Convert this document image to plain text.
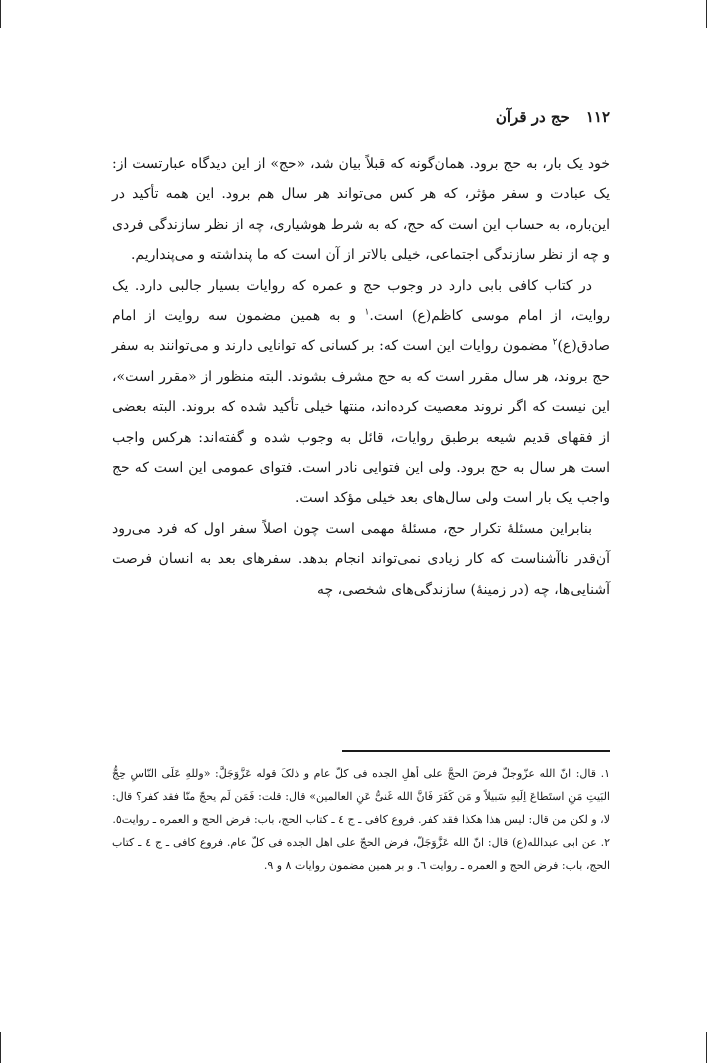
۱۱۲
حج در قرآن

خود یک بار، به حج برود. همان‌گونه که قبلاً بیان شد، «حج» از این دیدگاه عبارتست از: یک عبادت و سفر مؤثر، که هر کس می‌تواند هر سال هم برود. این همه تأکید در این‌باره، به حساب این است که حج، که به شرط هوشیاری، چه از نظر سازندگی فردی و چه از نظر سازندگی اجتماعی، خیلی بالاتر از آن است که ما پنداشته و می‌پنداریم.

در کتاب کافی بابی دارد در وجوب حج و عمره که روایات بسیار جالبی دارد. یک روایت، از امام موسی کاظم(ع) است.$^۱$ و به همین مضمون سه روایت از امام صادق(ع)$^۲$ مضمون روایات این است که: بر کسانی که توانایی دارند و می‌توانند به سفر حج بروند، هر سال مقرر است که به حج مشرف بشوند. البته منظور از «مقرر است»، این نیست که اگر نروند معصیت کرده‌اند، منتها خیلی تأکید شده که بروند. البته بعضی از فقهای قدیم شیعه برطبق روایات، قائل به وجوب شده و گفته‌اند: هرکس واجب است هر سال به حج برود. ولی این فتوایی نادر است. فتوای عمومی این است که حج واجب یک بار است ولی سال‌های بعد خیلی مؤکد است.

بنابراین مسئلهٔ تکرار حج، مسئلهٔ مهمی است چون اصلاً سفر اول که فرد می‌رود آن‌قدر ناآشناست که کار زیادی نمی‌تواند انجام بدهد. سفرهای بعد به انسان فرصت آشنایی‌ها، چه (در زمینهٔ) سازندگی‌های شخصی، چه

۱. قال: انّ الله عزّوجلّ فرضَ الحجَّ علی أهلِ الجده فی کلّ عام و ذلکَ قوله عَزَّوَجَلَّ: «وللهِ عَلَی النّاسِ حِجُّ البَیتِ مَنِ استَطاعَ اِلَیهِ سَبیلاً و مَن کَفَرَ فَانَّ الله غَنیُّ عَنِ العالمین» قال: قلت: فَمَن لَم یحجّ منّا فقد کفر؟ قال: لا، و لکن من قال: لیس هذا هکذا فقد کفر. فروع کافی ـ ج ٤ ـ کتاب الحج، باب: فرض الحج و العمره ـ روایت٥.

۲. عن ابی عبدالله(ع) قال: انّ الله عَزَّوَجَلّ، فرض الحجّ علی اهل الجده فی کلّ عام. فروع کافی ـ ج ٤ ـ کتاب الحج، باب: فرض الحج و العمره ـ روایت ٦. و بر همین مضمون روایات ٨ و ٩.
